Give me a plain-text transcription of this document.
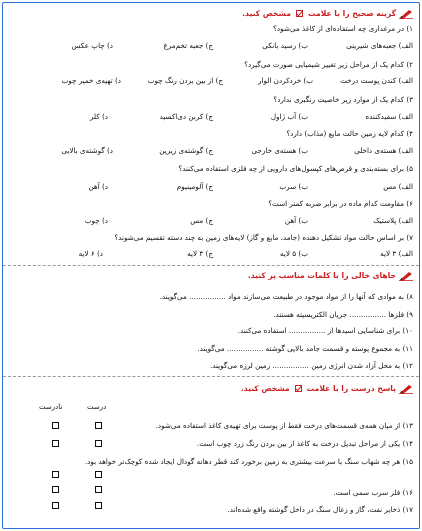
گزینه صحیح را با علامت
مشخص کنید.
۱) در مرغداری چه استفاده‌ای از کاغذ می‌شود؟
الف) جعبه‌های شیرینی
ب) رسید بانکی
ج) جعبه تخم‌مرغ
د) چاپ عکس
۲) کدام یک از مراحل زیر تغییر شیمیایی صورت می‌گیرد؟
الف) کندن پوست درخت
ب) خردکردن الوار
ج) از بین بردن رنگ چوب
د) تهیه‌ی خمیر چوب
۳) کدام یک از موارد زیر خاصیت رنگبری ندارد؟
الف) سفیدکننده
ب) آب ژاول
ج) کربن دی‌اکسید
د) کلر
۴) کدام لایه زمین حالت مایع (مذاب) دارد؟
الف) هسته‌ی داخلی
ب) هسته‌ی خارجی
ج) گوشته‌ی زیرین
د) گوشته‌ی بالایی
۵) برای بسته‌بندی و قرص‌های کپسول‌های دارویی از چه فلزی استفاده می‌کنند؟
الف) مس
ب) سرب
ج) آلومینیوم
د) آهن
۶) مقاومت کدام ماده در برابر ضربه کمتر است؟
الف) پلاستیک
ب) آهن
ج) مس
د) چوب
۷) بر اساس حالت مواد تشکیل دهنده (جامد، مایع و گاز) لایه‌های زمین به چند دسته تقسیم می‌شوند؟
الف) ۳ لایه
ب) ۵ لایه
ج) ۴ لایه
د) ۶ لایه
جاهای خالی را با کلمات مناسب پر کنید.
۸) به موادی که آنها را از مواد موجود در طبیعت می‌سازند مواد ................ می‌گویند.
۹) فلزها ................ جریان الکتریسیته هستند.
۱۰) برای شناسایی اسیدها از ................ استفاده می‌کنند.
۱۱) به مجموع پوسته و قسمت جامد بالایی گوشته ................ می‌گویند.
۱۲) به محل آزاد شدن انرژی زمین ................ زمین لرزه می‌گویند.
پاسخ درست را با علامت
مشخص کنید.
درست
نادرست
۱۳) از میان همه‌ی قسمت‌های درخت فقط از پوست برای تهیه‌ی کاغذ استفاده می‌شود.
۱۴) یکی از مراحل تبدیل درخت به کاغذ از بین بردن رنگ زرد چوب است.
۱۵) هر چه شهاب سنگ با سرعت بیشتری به زمین برخورد کند قطر دهانه گودال ایجاد شده کوچک‌تر خواهد بود.
۱۶) فلز سرب سمی است.
۱۷) ذخایر نفت، گاز و زغال سنگ در داخل گوشته واقع شده‌اند.
